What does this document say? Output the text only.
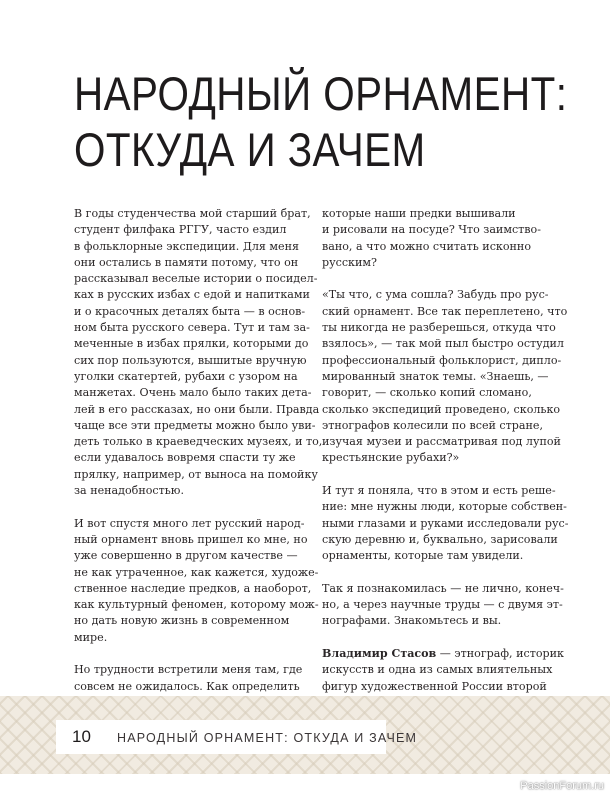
НАРОДНЫЙ ОРНАМЕНТ:
ОТКУДА И ЗАЧЕМ

В годы студенчества мой старший брат,
студент филфака РГГУ, часто ездил
в фольклорные экспедиции. Для меня
они остались в памяти потому, что он
рассказывал веселые истории о посидел-
ках в русских избах с едой и напитками
и о красочных деталях быта — в основ-
ном быта русского севера. Тут и там за-
меченные в избах прялки, которыми до
сих пор пользуются, вышитые вручную
уголки скатертей, рубахи с узором на
манжетах. Очень мало было таких дета-
лей в его рассказах, но они были. Правда
чаще все эти предметы можно было уви-
деть только в краеведческих музеях, и то,
если удавалось вовремя спасти ту же
прялку, например, от выноса на помойку
за ненадобностью.

И вот спустя много лет русский народ-
ный орнамент вновь пришел ко мне, но
уже совершенно в другом качестве —
не как утраченное, как кажется, художе-
ственное наследие предков, а наоборот,
как культурный феномен, которому мож-
но дать новую жизнь в современном
мире.

Но трудности встретили меня там, где
совсем не ожидалось. Как определить

которые наши предки вышивали
и рисовали на посуде? Что заимство-
вано, а что можно считать исконно
русским?

«Ты что, с ума сошла? Забудь про рус-
ский орнамент. Все так переплетено, что
ты никогда не разберешься, откуда что
взялось», — так мой пыл быстро остудил
профессиональный фольклорист, дипло-
мированный знаток темы. «Знаешь, —
говорит, — сколько копий сломано,
сколько экспедиций проведено, сколько
этнографов колесили по всей стране,
изучая музеи и рассматривая под лупой
крестьянские рубахи?»

И тут я поняла, что в этом и есть реше-
ние: мне нужны люди, которые собствен-
ными глазами и руками исследовали рус-
скую деревню и, буквально, зарисовали
орнаменты, которые там увидели.

Так я познакомилась — не лично, конеч-
но, а через научные труды — с двумя эт-
нографами. Знакомьтесь и вы.

Владимир Стасов — этнограф, историк
искусств и одна из самых влиятельных
фигур художественной России второй

10 НАРОДНЫЙ ОРНАМЕНТ: ОТКУДА И ЗАЧЕМ
PassionForum.ru
